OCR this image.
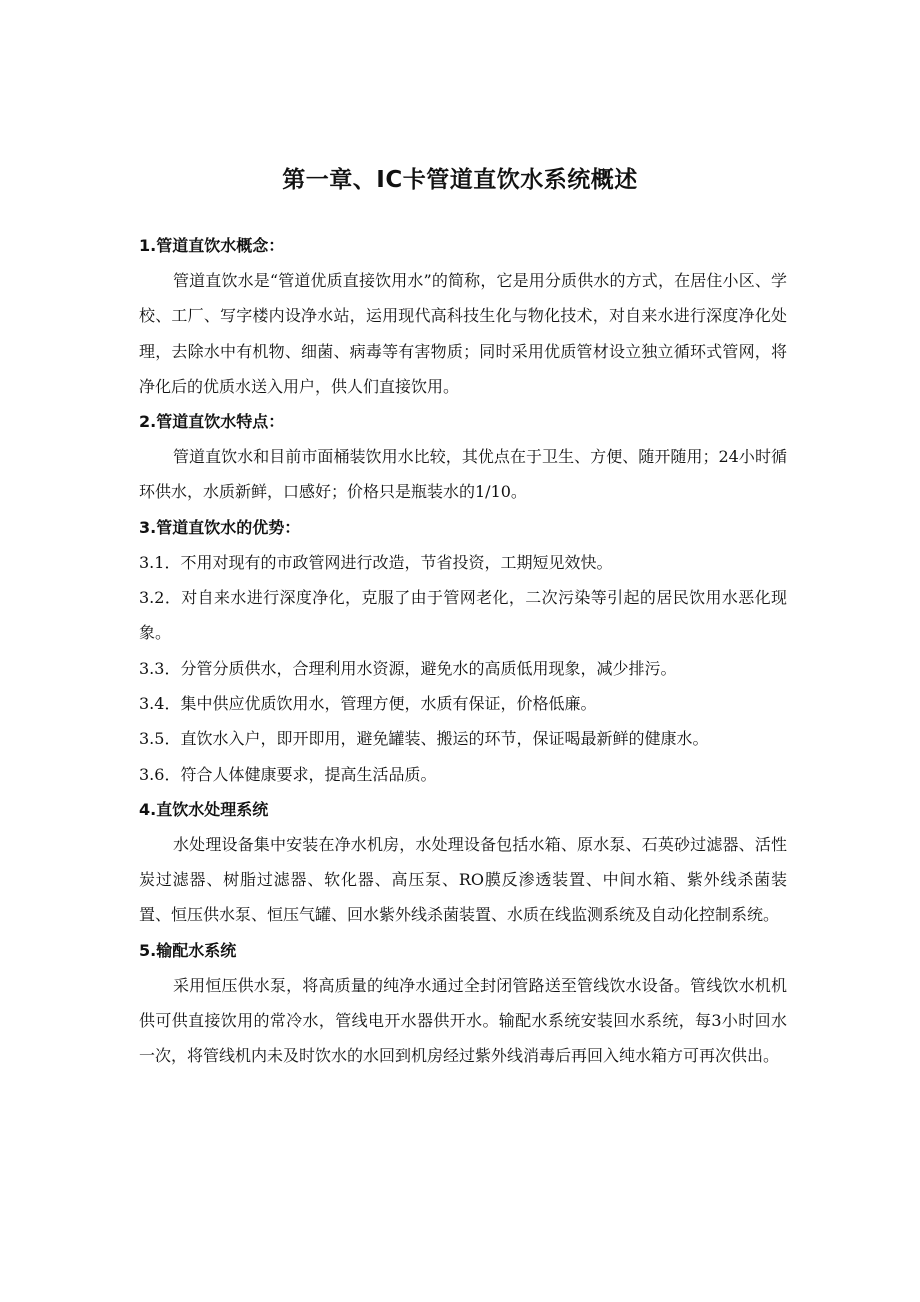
第一章、IC卡管道直饮水系统概述
1.管道直饮水概念：
管道直饮水是“管道优质直接饮用水”的简称，它是用分质供水的方式，在居住小区、学校、工厂、写字楼内设净水站，运用现代高科技生化与物化技术，对自来水进行深度净化处理，去除水中有机物、细菌、病毒等有害物质；同时采用优质管材设立独立循环式管网，将净化后的优质水送入用户，供人们直接饮用。
2.管道直饮水特点：
管道直饮水和目前市面桶装饮用水比较，其优点在于卫生、方便、随开随用；24小时循环供水，水质新鲜，口感好；价格只是瓶装水的1/10。
3.管道直饮水的优势：
3.1．不用对现有的市政管网进行改造，节省投资，工期短见效快。
3.2．对自来水进行深度净化，克服了由于管网老化，二次污染等引起的居民饮用水恶化现象。
3.3．分管分质供水，合理利用水资源，避免水的高质低用现象，减少排污。
3.4．集中供应优质饮用水，管理方便，水质有保证，价格低廉。
3.5．直饮水入户，即开即用，避免罐装、搬运的环节，保证喝最新鲜的健康水。
3.6．符合人体健康要求，提高生活品质。
4.直饮水处理系统
水处理设备集中安装在净水机房，水处理设备包括水箱、原水泵、石英砂过滤器、活性炭过滤器、树脂过滤器、软化器、高压泵、RO膜反渗透装置、中间水箱、紫外线杀菌装置、恒压供水泵、恒压气罐、回水紫外线杀菌装置、水质在线监测系统及自动化控制系统。
5.输配水系统
采用恒压供水泵，将高质量的纯净水通过全封闭管路送至管线饮水设备。管线饮水机机供可供直接饮用的常冷水，管线电开水器供开水。输配水系统安装回水系统，每3小时回水一次，将管线机内未及时饮水的水回到机房经过紫外线消毒后再回入纯水箱方可再次供出。
